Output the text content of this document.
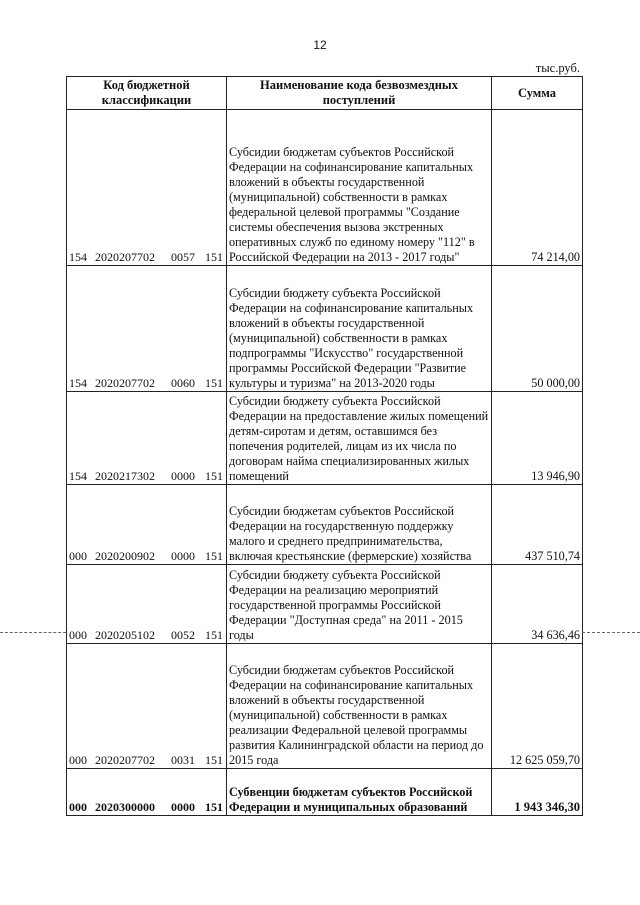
12
тыс.руб.
Код бюджетной классификации	Наименование кода безвозмездных поступлений	Сумма
154 2020207702 0057 151	Субсидии бюджетам субъектов Российской Федерации на софинансирование капитальных вложений в объекты государственной (муниципальной) собственности в рамках федеральной целевой программы "Создание системы обеспечения вызова экстренных оперативных служб по единому номеру "112" в Российской Федерации на 2013 - 2017 годы"	74 214,00
154 2020207702 0060 151	Субсидии бюджету субъекта Российской Федерации на софинансирование капитальных вложений в объекты государственной (муниципальной) собственности в рамках подпрограммы "Искусство" государственной программы Российской Федерации "Развитие культуры и туризма" на 2013-2020 годы	50 000,00
154 2020217302 0000 151	Субсидии бюджету субъекта Российской Федерации на предоставление жилых помещений детям-сиротам и детям, оставшимся без попечения родителей, лицам из их числа по договорам найма специализированных жилых помещений	13 946,90
000 2020200902 0000 151	Субсидии бюджетам субъектов Российской Федерации на государственную поддержку малого и среднего предпринимательства, включая крестьянские (фермерские) хозяйства	437 510,74
000 2020205102 0052 151	Субсидии бюджету субъекта Российской Федерации на реализацию мероприятий государственной программы Российской Федерации "Доступная среда" на 2011 - 2015 годы	34 636,46
000 2020207702 0031 151	Субсидии бюджетам субъектов Российской Федерации на софинансирование капитальных вложений в объекты государственной (муниципальной) собственности в рамках реализации Федеральной целевой программы развития Калининградской области на период до 2015 года	12 625 059,70
000 2020300000 0000 151	Субвенции бюджетам субъектов Российской Федерации и муниципальных образований	1 943 346,30
